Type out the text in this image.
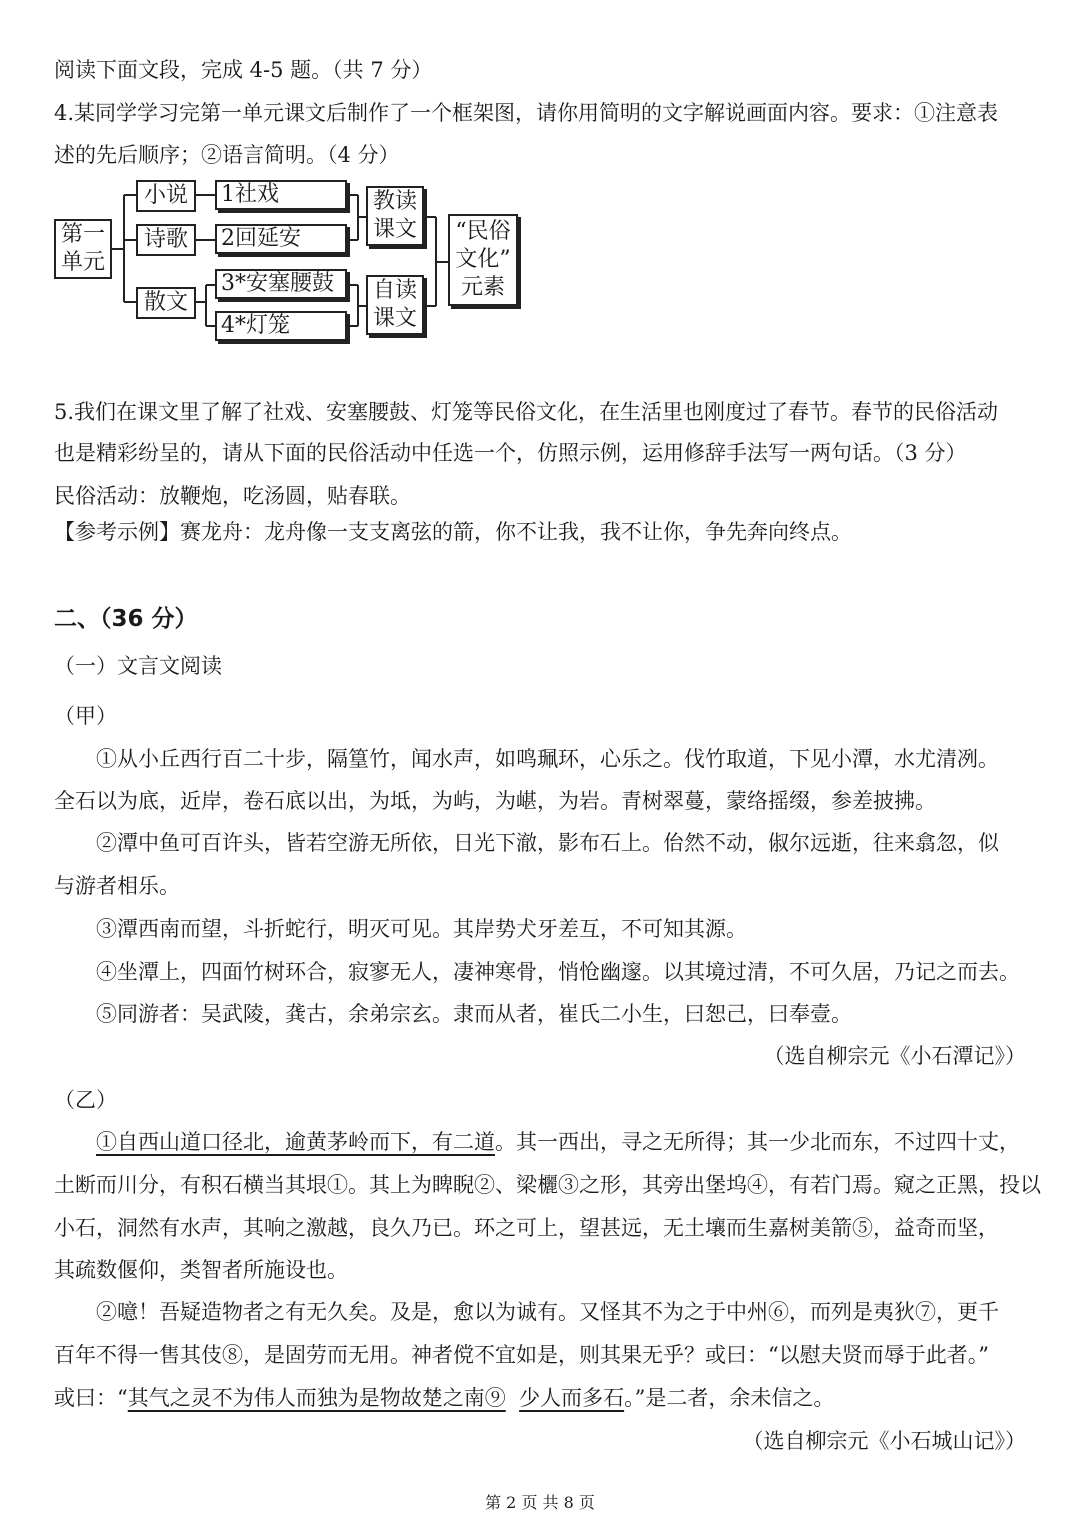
阅读下面文段，完成 4-5 题。（共 7 分）
4.某同学学习完第一单元课文后制作了一个框架图，请你用简明的文字解说画面内容。要求：①注意表
述的先后顺序；②语言简明。（4 分）
第一
单元
小说
诗歌
散文
1社戏
2回延安
3*安塞腰鼓
4*灯笼
教读
课文
自读
课文
“民俗
文化”
元素
5.我们在课文里了解了社戏、安塞腰鼓、灯笼等民俗文化，在生活里也刚度过了春节。春节的民俗活动
也是精彩纷呈的，请从下面的民俗活动中任选一个，仿照示例，运用修辞手法写一两句话。（3 分）
民俗活动：放鞭炮，吃汤圆，贴春联。
【参考示例】赛龙舟：龙舟像一支支离弦的箭，你不让我，我不让你，争先奔向终点。
二、（36 分）
（一）文言文阅读
（甲）
①从小丘西行百二十步，隔篁竹，闻水声，如鸣珮环，心乐之。伐竹取道，下见小潭，水尤清冽。
全石以为底，近岸，卷石底以出，为坻，为屿，为嵁，为岩。青树翠蔓，蒙络摇缀，参差披拂。
②潭中鱼可百许头，皆若空游无所依，日光下澈，影布石上。佁然不动，俶尔远逝，往来翕忽，似
与游者相乐。
③潭西南而望，斗折蛇行，明灭可见。其岸势犬牙差互，不可知其源。
④坐潭上，四面竹树环合，寂寥无人，凄神寒骨，悄怆幽邃。以其境过清，不可久居，乃记之而去。
⑤同游者：吴武陵，龚古，余弟宗玄。隶而从者，崔氏二小生，曰恕己，曰奉壹。
（选自柳宗元《小石潭记》）
（乙）
①自西山道口径北，逾黄茅岭而下，有二道。其一西出，寻之无所得；其一少北而东，不过四十丈，
土断而川分，有积石横当其垠①。其上为睥睨②、梁欐③之形，其旁出堡坞④，有若门焉。窥之正黑，投以
小石，洞然有水声，其响之激越，良久乃已。环之可上，望甚远，无土壤而生嘉树美箭⑤，益奇而坚，
其疏数偃仰，类智者所施设也。
②噫！吾疑造物者之有无久矣。及是，愈以为诚有。又怪其不为之于中州⑥，而列是夷狄⑦，更千
百年不得一售其伎⑧，是固劳而无用。神者傥不宜如是，则其果无乎？或曰：“以慰夫贤而辱于此者。”
或曰：“其气之灵不为伟人而独为是物故楚之南⑨ 少人而多石。”是二者，余未信之。
（选自柳宗元《小石城山记》）
第 2 页 共 8 页
